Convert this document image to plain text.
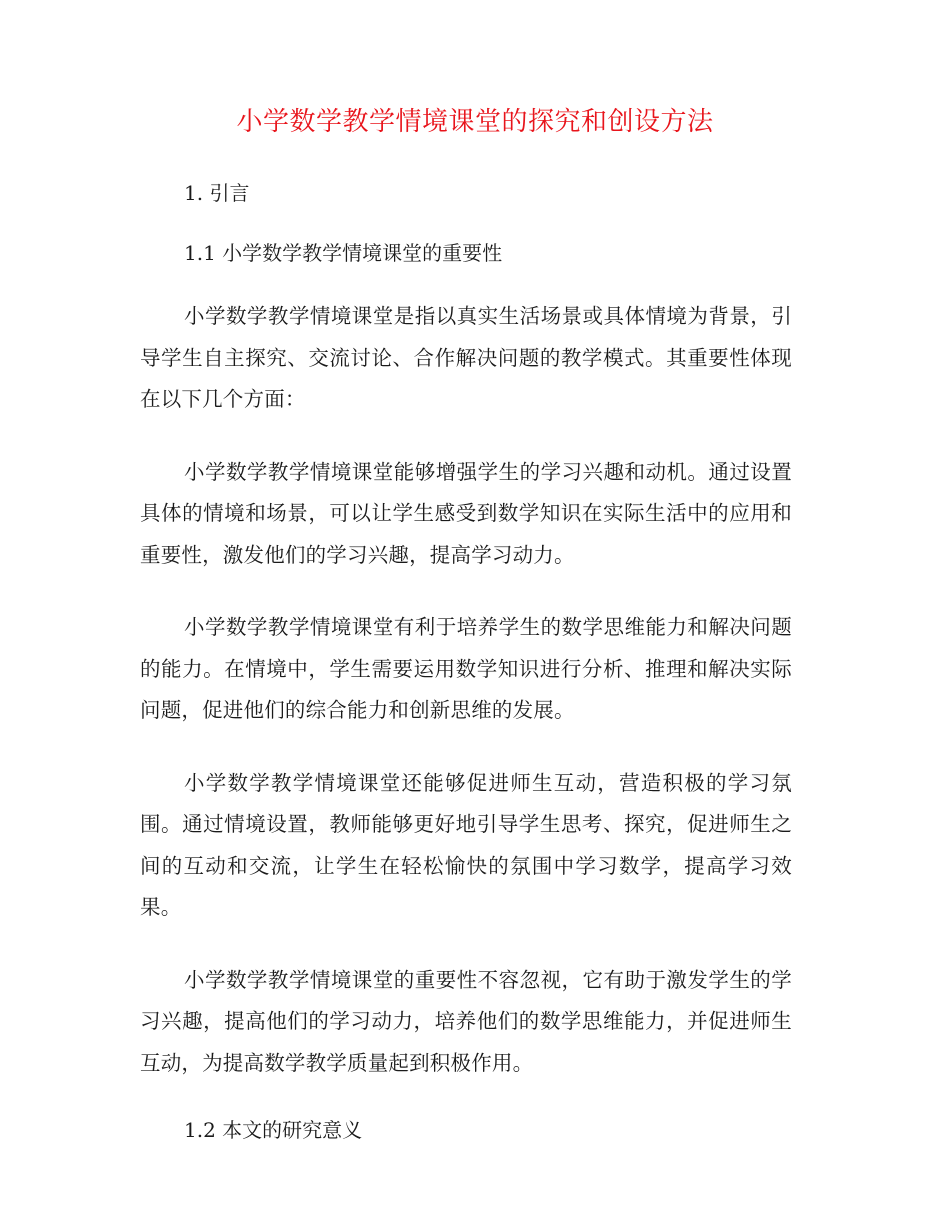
小学数学教学情境课堂的探究和创设方法

1. 引言

1.1 小学数学教学情境课堂的重要性

小学数学教学情境课堂是指以真实生活场景或具体情境为背景，引导学生自主探究、交流讨论、合作解决问题的教学模式。其重要性体现在以下几个方面：

小学数学教学情境课堂能够增强学生的学习兴趣和动机。通过设置具体的情境和场景，可以让学生感受到数学知识在实际生活中的应用和重要性，激发他们的学习兴趣，提高学习动力。

小学数学教学情境课堂有利于培养学生的数学思维能力和解决问题的能力。在情境中，学生需要运用数学知识进行分析、推理和解决实际问题，促进他们的综合能力和创新思维的发展。

小学数学教学情境课堂还能够促进师生互动，营造积极的学习氛围。通过情境设置，教师能够更好地引导学生思考、探究，促进师生之间的互动和交流，让学生在轻松愉快的氛围中学习数学，提高学习效果。

小学数学教学情境课堂的重要性不容忽视，它有助于激发学生的学习兴趣，提高他们的学习动力，培养他们的数学思维能力，并促进师生互动，为提高数学教学质量起到积极作用。

1.2 本文的研究意义
